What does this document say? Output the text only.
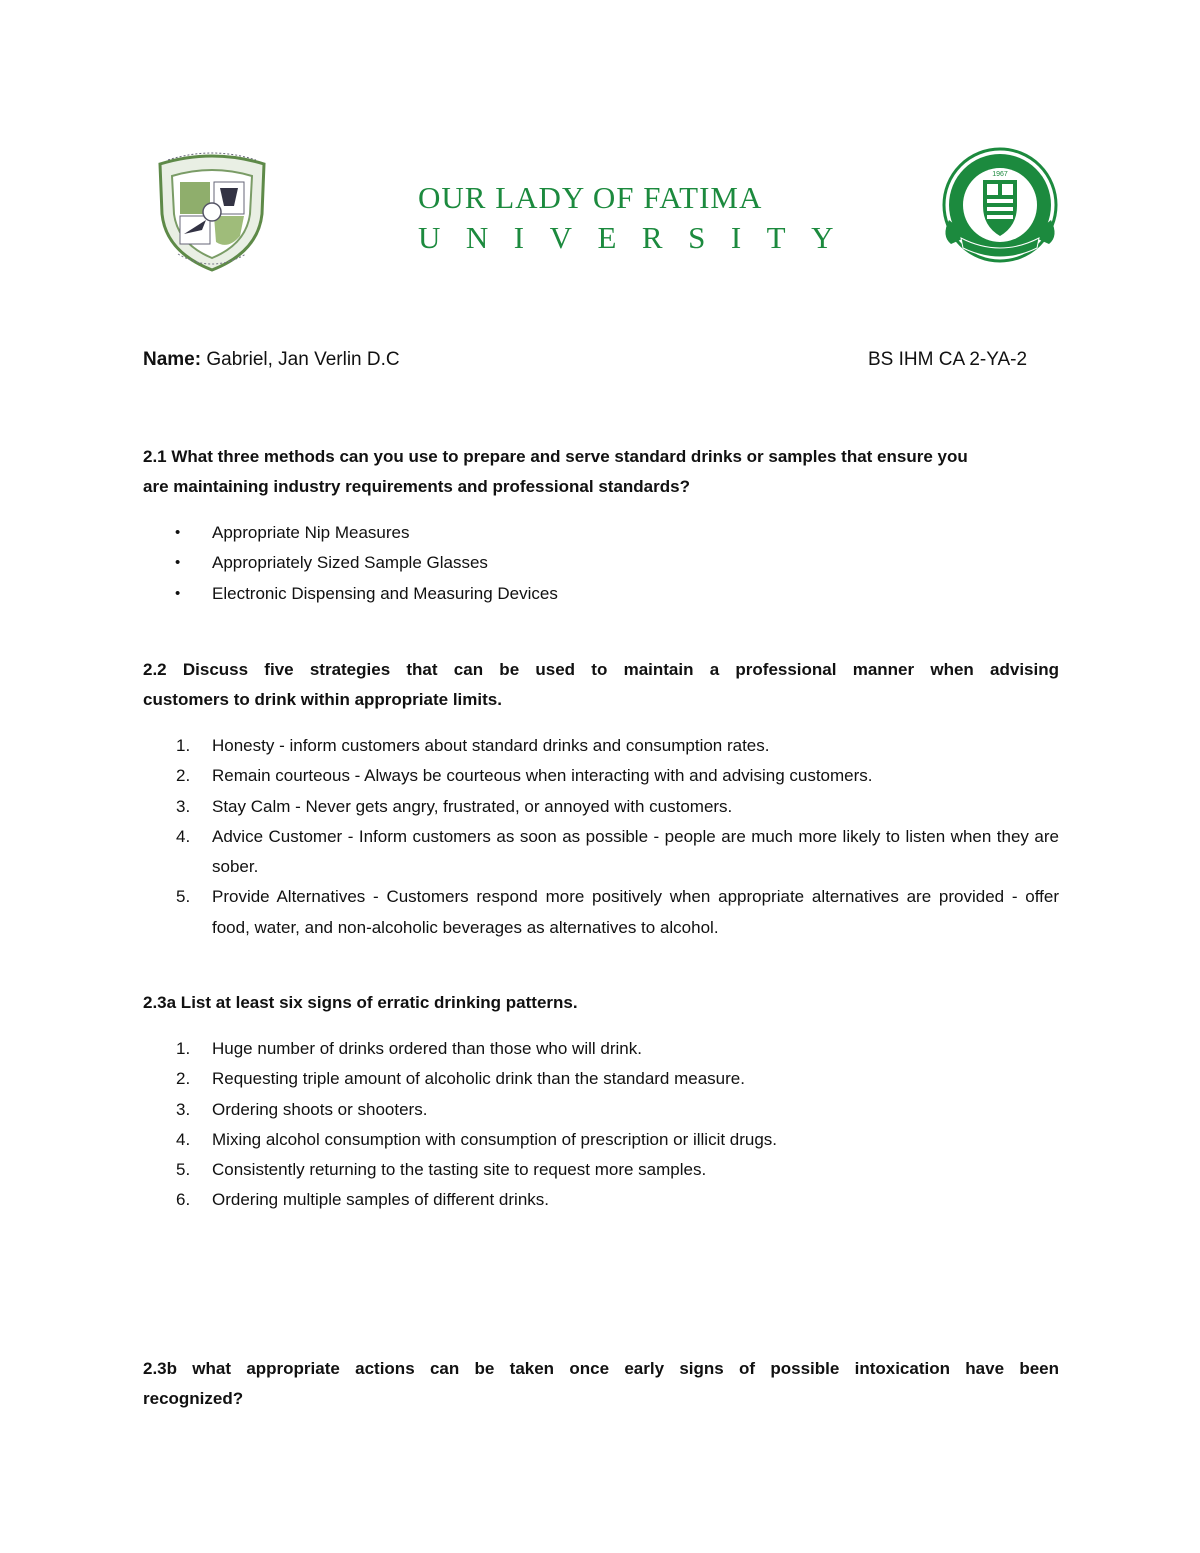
OUR LADY OF FATIMA
UNIVERSITY
1967
Name: Gabriel, Jan Verlin D.C	BS IHM CA 2-YA-2
2.1 What three methods can you use to prepare and serve standard drinks or samples that ensure you
are maintaining industry requirements and professional standards?
• Appropriate Nip Measures
• Appropriately Sized Sample Glasses
• Electronic Dispensing and Measuring Devices
2.2 Discuss five strategies that can be used to maintain a professional manner when advising
customers to drink within appropriate limits.
1. Honesty - inform customers about standard drinks and consumption rates.
2. Remain courteous - Always be courteous when interacting with and advising customers.
3. Stay Calm - Never gets angry, frustrated, or annoyed with customers.
4. Advice Customer - Inform customers as soon as possible - people are much more likely to listen when they are sober.
5. Provide Alternatives - Customers respond more positively when appropriate alternatives are provided - offer food, water, and non-alcoholic beverages as alternatives to alcohol.
2.3a List at least six signs of erratic drinking patterns.
1. Huge number of drinks ordered than those who will drink.
2. Requesting triple amount of alcoholic drink than the standard measure.
3. Ordering shoots or shooters.
4. Mixing alcohol consumption with consumption of prescription or illicit drugs.
5. Consistently returning to the tasting site to request more samples.
6. Ordering multiple samples of different drinks.
2.3b what appropriate actions can be taken once early signs of possible intoxication have been
recognized?
